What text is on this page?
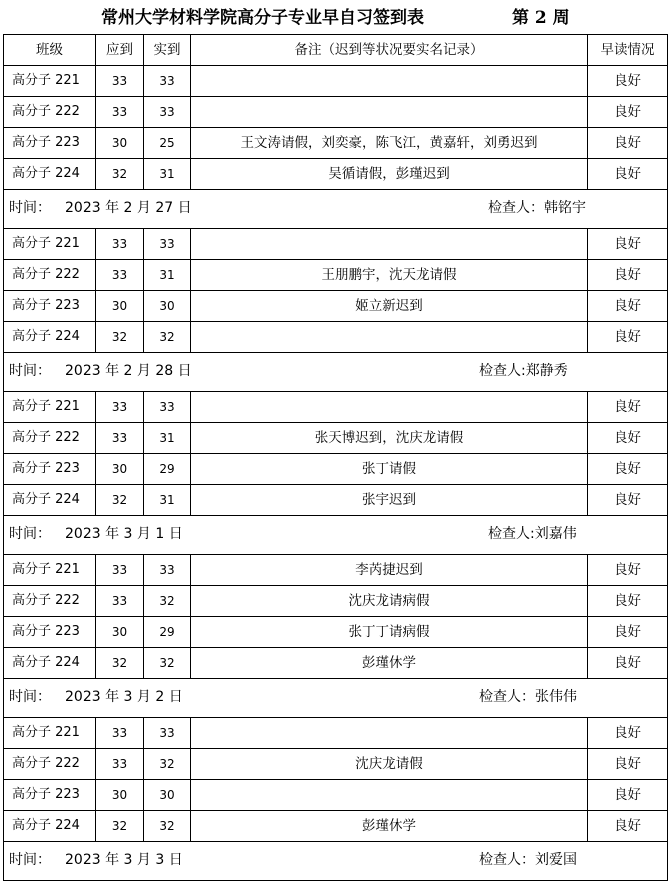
常州大学材料学院高分子专业早自习签到表	第 2 周
班级	应到	实到	备注（迟到等状况要实名记录）	早读情况
高分子 221	33	33		良好
高分子 222	33	33		良好
高分子 223	30	25	王文涛请假，刘奕豪，陈飞江，黄嘉轩，刘勇迟到	良好
高分子 224	32	31	吴循请假，彭瑾迟到	良好

时间： 2023 年 2 月 27 日 检查人：韩铭宇				

高分子 221	33	33		良好
高分子 222	33	31	王朋鹏宇，沈天龙请假	良好
高分子 223	30	30	姬立新迟到	良好
高分子 224	32	32		良好

时间： 2023 年 2 月 28 日 检查人:郑静秀				

高分子 221	33	33		良好
高分子 222	33	31	张天博迟到，沈庆龙请假	良好
高分子 223	30	29	张丁请假	良好
高分子 224	32	31	张宇迟到	良好

时间： 2023 年 3 月 1 日 检查人:刘嘉伟				

高分子 221	33	33	李芮捷迟到	良好
高分子 222	33	32	沈庆龙请病假	良好
高分子 223	30	29	张丁丁请病假	良好
高分子 224	32	32	彭瑾休学	良好

时间： 2023 年 3 月 2 日 检查人：张伟伟				

高分子 221	33	33		良好
高分子 222	33	32	沈庆龙请假	良好
高分子 223	30	30		良好
高分子 224	32	32	彭瑾休学	良好

时间： 2023 年 3 月 3 日 检查人：刘爱国				
